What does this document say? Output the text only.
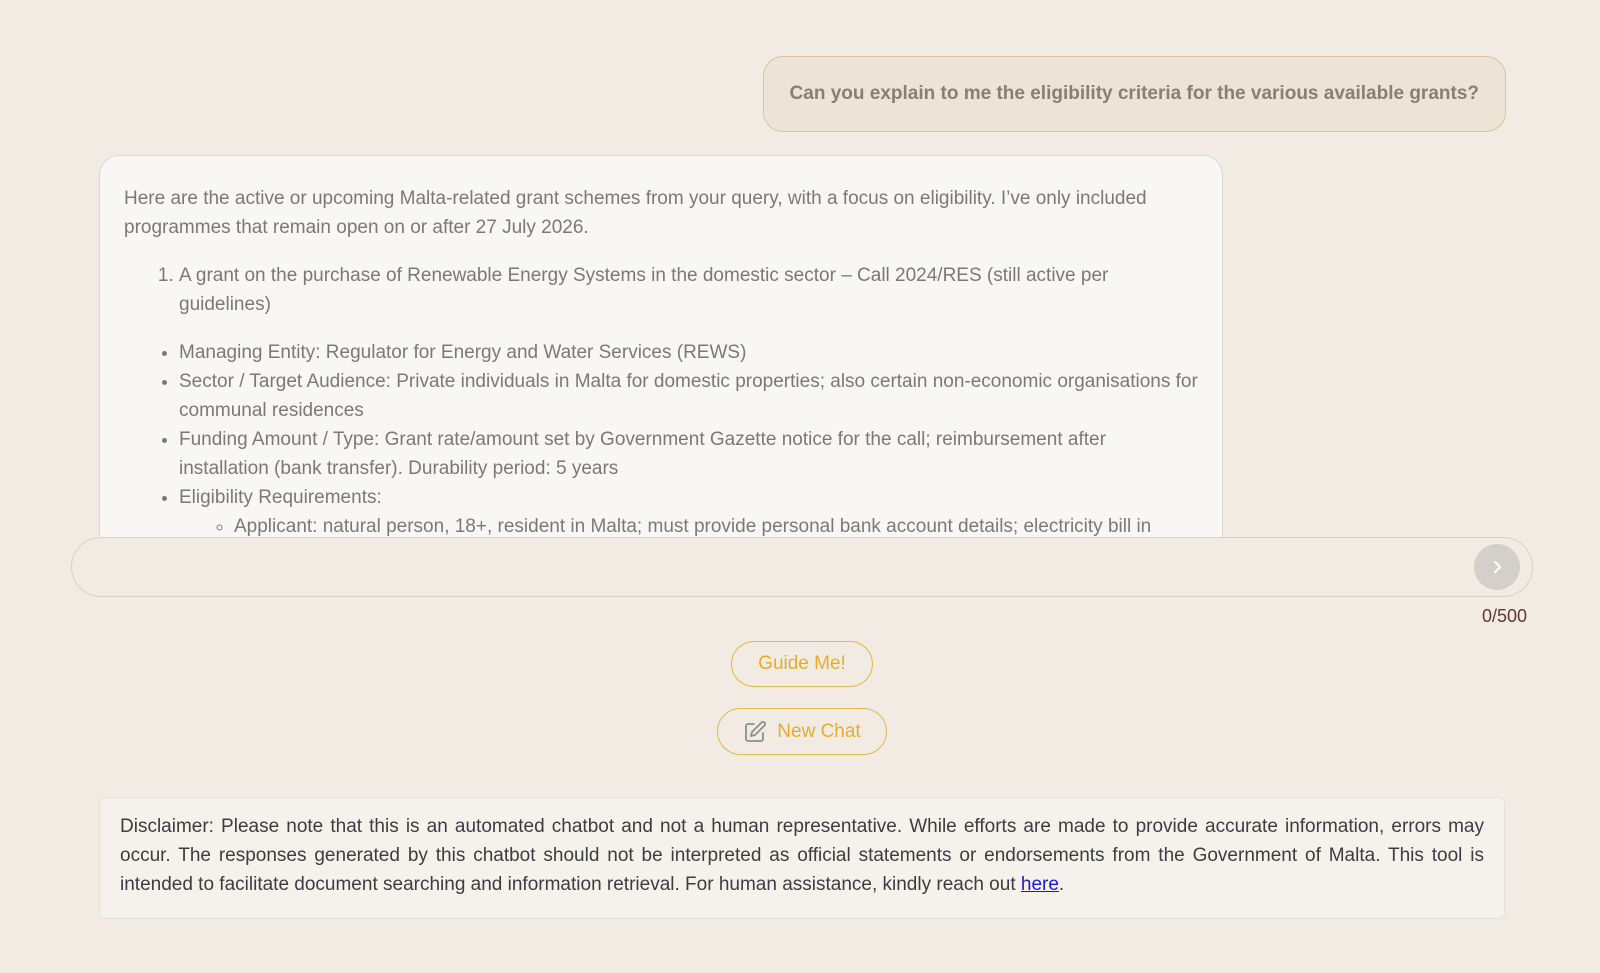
Can you explain to me the eligibility criteria for the various available grants?

Here are the active or upcoming Malta-related grant schemes from your query, with a focus on eligibility. I’ve only included programmes that remain open on or after 27 July 2026.

1. A grant on the purchase of Renewable Energy Systems in the domestic sector – Call 2024/RES (still active per guidelines)
• Managing Entity: Regulator for Energy and Water Services (REWS)
• Sector / Target Audience: Private individuals in Malta for domestic properties; also certain non-economic organisations for communal residences
• Funding Amount / Type: Grant rate/amount set by Government Gazette notice for the call; reimbursement after installation (bank transfer). Durability period: 5 years
• Eligibility Requirements:
◦ Applicant: natural person, 18+, resident in Malta; must provide personal bank account details; electricity bill in
0/500
Guide Me!
New Chat
Disclaimer: Please note that this is an automated chatbot and not a human representative. While efforts are made to provide accurate information, errors may occur. The responses generated by this chatbot should not be interpreted as official statements or endorsements from the Government of Malta. This tool is intended to facilitate document searching and information retrieval. For human assistance, kindly reach out here.
